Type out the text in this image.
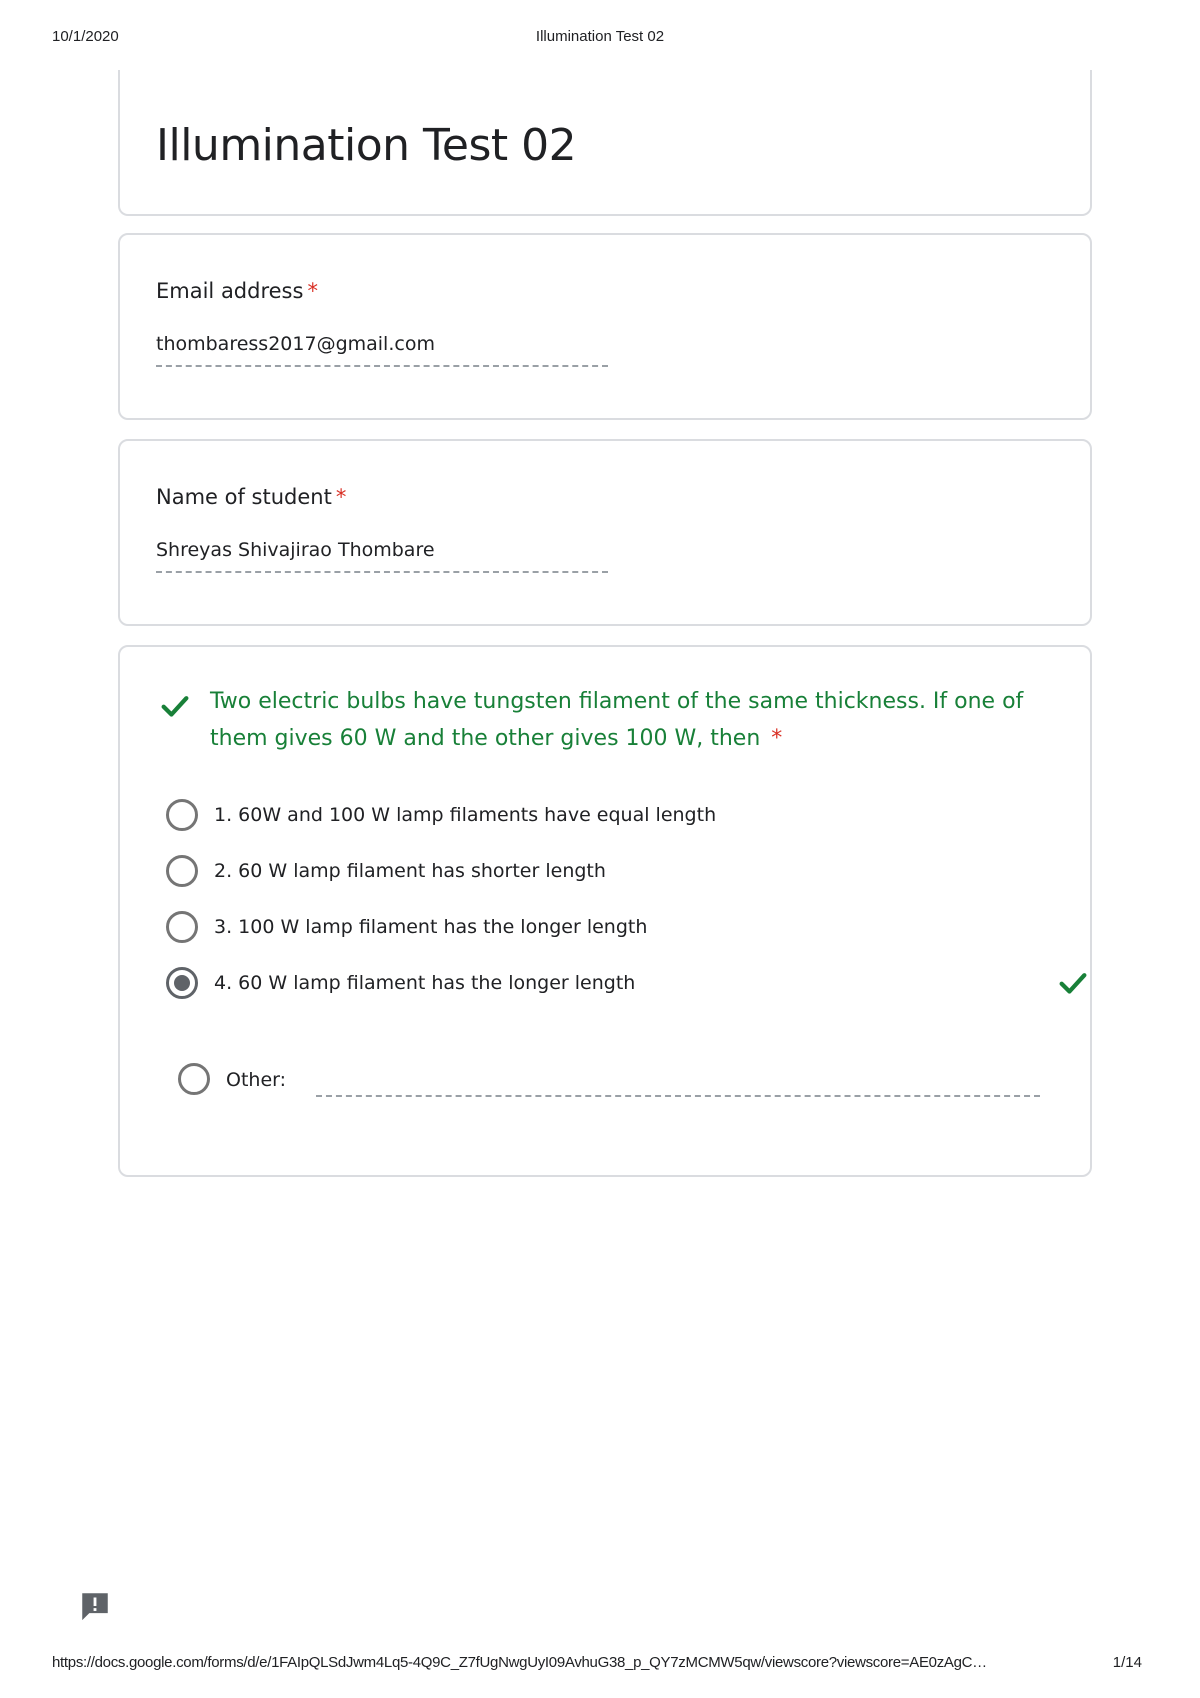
10/1/2020	Illumination Test 02
Illumination Test 02
Email address *
thombaress2017@gmail.com
Name of student *
Shreyas Shivajirao Thombare
Two electric bulbs have tungsten filament of the same thickness. If one of them gives 60 W and the other gives 100 W, then *
1. 60W and 100 W lamp filaments have equal length
2. 60 W lamp filament has shorter length
3. 100 W lamp filament has the longer length
4. 60 W lamp filament has the longer length
Other:
https://docs.google.com/forms/d/e/1FAIpQLSdJwm4Lq5-4Q9C_Z7fUgNwgUyI09AvhuG38_p_QY7zMCMW5qw/viewscore?viewscore=AE0zAgC…	1/14
